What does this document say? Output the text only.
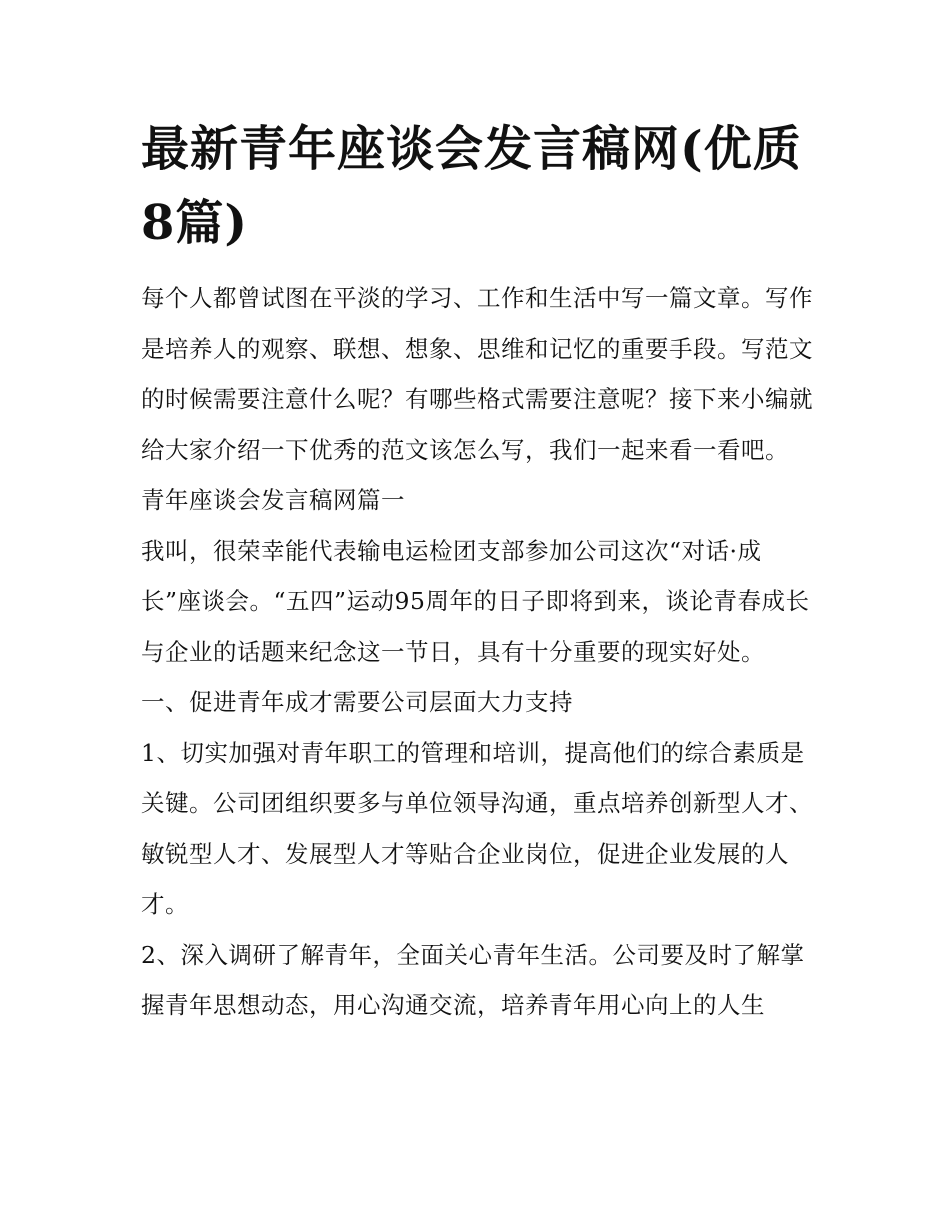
最新青年座谈会发言稿网(优质8篇)

每个人都曾试图在平淡的学习、工作和生活中写一篇文章。写作是培养人的观察、联想、想象、思维和记忆的重要手段。写范文的时候需要注意什么呢？有哪些格式需要注意呢？接下来小编就给大家介绍一下优秀的范文该怎么写，我们一起来看一看吧。

青年座谈会发言稿网篇一

我叫，很荣幸能代表输电运检团支部参加公司这次“对话·成长”座谈会。“五四”运动95周年的日子即将到来，谈论青春成长与企业的话题来纪念这一节日，具有十分重要的现实好处。

一、促进青年成才需要公司层面大力支持

1、切实加强对青年职工的管理和培训，提高他们的综合素质是关键。公司团组织要多与单位领导沟通，重点培养创新型人才、敏锐型人才、发展型人才等贴合企业岗位，促进企业发展的人才。

2、深入调研了解青年，全面关心青年生活。公司要及时了解掌握青年思想动态，用心沟通交流，培养青年用心向上的人生
